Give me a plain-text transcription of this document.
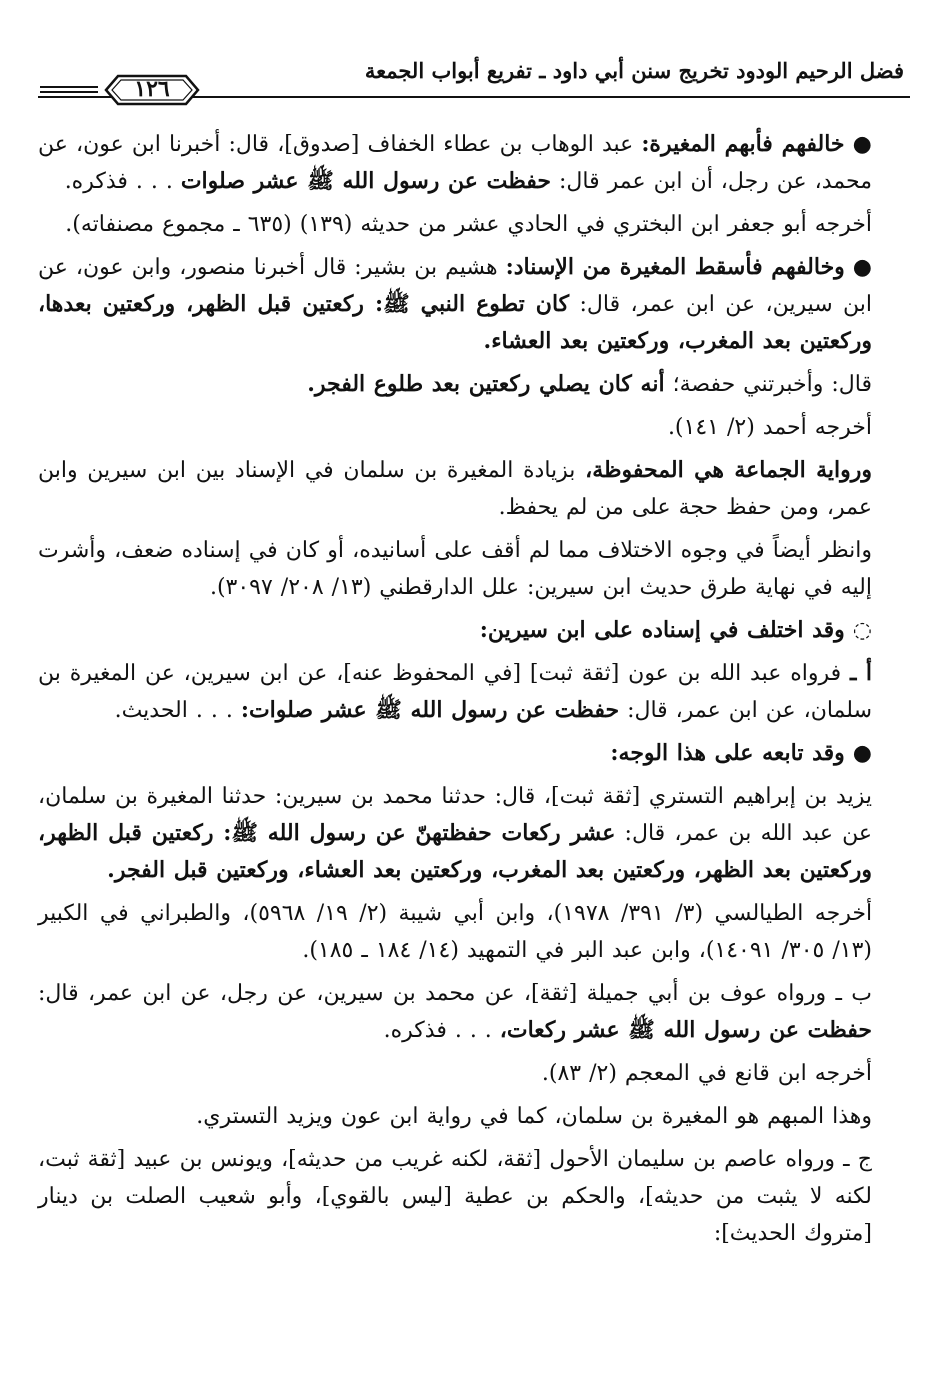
فضل الرحيم الودود تخريج سنن أبي داود ـ تفريع أبواب الجمعة
١٢٦

● خالفهم فأبهم المغيرة: عبد الوهاب بن عطاء الخفاف [صدوق]، قال: أخبرنا ابن عون، عن محمد، عن رجل، أن ابن عمر قال: حفظت عن رسول الله ﷺ عشر صلوات . . . فذكره.

أخرجه أبو جعفر ابن البختري في الحادي عشر من حديثه (١٣٩) (٦٣٥ ـ مجموع مصنفاته).

● وخالفهم فأسقط المغيرة من الإسناد: هشيم بن بشير: قال أخبرنا منصور، وابن عون، عن ابن سيرين، عن ابن عمر، قال: كان تطوع النبي ﷺ: ركعتين قبل الظهر، وركعتين بعدها، وركعتين بعد المغرب، وركعتين بعد العشاء.

قال: وأخبرتني حفصة؛ أنه كان يصلي ركعتين بعد طلوع الفجر.

أخرجه أحمد (٢/ ١٤١).

ورواية الجماعة هي المحفوظة، بزيادة المغيرة بن سلمان في الإسناد بين ابن سيرين وابن عمر، ومن حفظ حجة على من لم يحفظ.

وانظر أيضاً في وجوه الاختلاف مما لم أقف على أسانيده، أو كان في إسناده ضعف، وأشرت إليه في نهاية طرق حديث ابن سيرين: علل الدارقطني (١٣/ ٢٠٨/ ٣٠٩٧).

◌ وقد اختلف في إسناده على ابن سيرين:

أ ـ فرواه عبد الله بن عون [ثقة ثبت] [في المحفوظ عنه]، عن ابن سيرين، عن المغيرة بن سلمان، عن ابن عمر، قال: حفظت عن رسول الله ﷺ عشر صلوات: . . . الحديث.

● وقد تابعه على هذا الوجه:

يزيد بن إبراهيم التستري [ثقة ثبت]، قال: حدثنا محمد بن سيرين: حدثنا المغيرة بن سلمان، عن عبد الله بن عمر، قال: عشر ركعات حفظتهنّ عن رسول الله ﷺ: ركعتين قبل الظهر، وركعتين بعد الظهر، وركعتين بعد المغرب، وركعتين بعد العشاء، وركعتين قبل الفجر.

أخرجه الطيالسي (٣/ ٣٩١/ ١٩٧٨)، وابن أبي شيبة (٢/ ١٩/ ٥٩٦٨)، والطبراني في الكبير (١٣/ ٣٠٥/ ١٤٠٩١)، وابن عبد البر في التمهيد (١٤/ ١٨٤ ـ ١٨٥).

ب ـ ورواه عوف بن أبي جميلة [ثقة]، عن محمد بن سيرين، عن رجل، عن ابن عمر، قال: حفظت عن رسول الله ﷺ عشر ركعات، . . . فذكره.

أخرجه ابن قانع في المعجم (٢/ ٨٣).

وهذا المبهم هو المغيرة بن سلمان، كما في رواية ابن عون ويزيد التستري.

ج ـ ورواه عاصم بن سليمان الأحول [ثقة، لكنه غريب من حديثه]، ويونس بن عبيد [ثقة ثبت، لكنه لا يثبت من حديثه]، والحكم بن عطية [ليس بالقوي]، وأبو شعيب الصلت بن دينار [متروك الحديث]:
